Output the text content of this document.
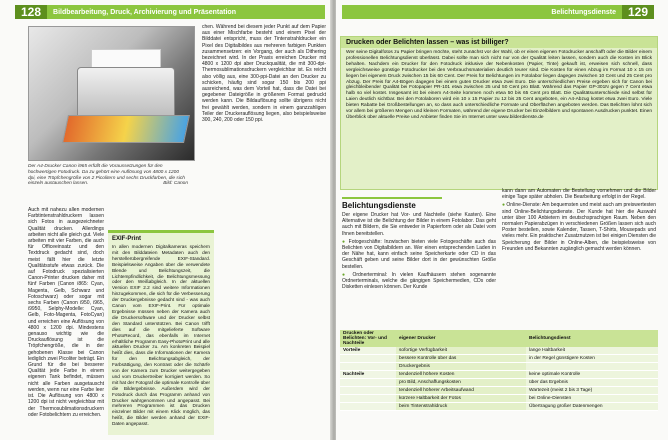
128	Bildbearbeitung, Druck, Archivierung und Präsentation
Der A4-Drucker Canon i965 erfüllt die Voraussetzungen für den hochwertigen Fotodruck. Da zu gehört eine Auflösung von 4800 x 1200 dpi, eine Tröpfchengröße von 2 Picolitern und sechs Druckfarben, die sich einzeln austauschen lassen.	Bild: Canon

chen. Während bei diesem jeder Punkt auf dem Papier aus einer Mischfarbe besteht und einem Pixel der Bilddatei entspricht, muss der Tintenstrahldrucker ein Pixel des Digitalbildes aus mehreren farbigen Punkten zusammensetzen: ein Vorgang, der auch als Dithering bezeichnet wird. In der Praxis erreichen Drucker mit 4800 x 1200 dpi aber Druckqualität, die mit 300-dpi-Thermosublimationsdruckern vergleichbar ist. Es reicht also völlig aus, eine 300-ppi-Datei an den Drucker zu schicken, häufig sind sogar 150 bis 200 ppi ausreichend, was dem Vorteil hat, dass die Datei bei gegebener Dateigröße in größerem Format gedruckt werden kann. Die Bildauflösung sollte übrigens nicht frei gewählt werden, sondern in einem ganzzahligen Teiler der Druckerauflösung liegen, also beispielsweise 300, 240, 200 oder 150 ppi.

Auch mit nahezu allen modernen Farbtintenstrahldruckern lassen sich Fotos in ausgezeichneter Qualität drucken. Allerdings arbeiten nicht alle gleich gut. Viele arbeiten mit vier Farben, die auch für Officeeinsatz und den Textdruck gedacht sind, doch meist fällt hier die letzte Qualitätsstufe etwas zurück. Die auf Fotodruck spezialisierten Canon-Printer drucken daher mit fünf Farben (Canon i865: Cyan, Magenta, Gelb, Schwarz und Fotoschwarz) oder sogar mit sechs Farben (Canon i950, i965, i9950, Selphy-Modelle: Cyan, Gelb, Foto-Magenta, FotoCyan) und erreichen eine Auflösung von 4800 x 1200 dpi. Mindestens genauso wichtig wie die Druckauflösung ist die Tröpfchengröße, die in der gehobenen Klasse bei Canon lediglich zwei Picoliter beträgt. Ein Grund für die bei besserer Qualität jede Farbe in einem eigenen Tank befindet, müssen nicht alle Farben ausgetauscht werden, wenn nur eine Farbe leer ist. Die Auflösung von 4800 x 1200 dpi ist nicht vergleichbar mit der Thermosublimationsdruckern oder Fotobelichtern zu erreichen.

EXIF-Print
In allen modernen Digitalkameras speichern mit den Bilddateien Metadaten auch den herstellerübergreifende EXIF-Standard. Beispielsweise Angaben über die verwendete Blende und Belichtungszeit, die Lichtempfindlichkeit, die Belichtungsmessung oder den Weißabgleich. In der aktuellen Version EXIF 2.2 sind weitere Informationen hinzugekommen, die sich für die Verbesserung der Druckergebnisse gedacht sind - was auch Canon vom EXIF-Print. Für optimale Ergebnisse müssen neben der Kamera auch die Druckersoftware und der Drucker selbst den Standard unterstützen. Bei Canon trifft dies auf die mitgelieferte Software PhotoRecord, das ebenfalls im Internet erhältliche Programm Easy-PhotoPrint und alle aktuellen Drucker zu. Am konkreten Beispiel heißt dies, dass die Informationen der Kamera für den Belichtungsabgleich, der Farbsättigung, den Kontrast oder die Schärfe von der Kamera zum Drucker weitergegeben und vom Druckertreiber korrigiert werden. So mit hat der Fotograf die optimale Kontrolle über die Bildergebnisse. Außerdem wird der Fotodruck durch das Programm anhand von Drucker wahrgenommen und angepasst. Bei mehreren Programmen ist das Drucken einzelner Bilder mit einem Klick möglich, das heißt, die Bilder werden anhand der EXIF-Daten angepasst.
Belichtungsdienste	129
Drucken oder Belichten lassen – was ist billiger?
Wer seine Digitalfotos zu Papier bringen möchte, steht zunächst vor der Wahl, ob er einen eigenen Fotodrucker anschafft oder die Bilder einem professionellen Belichtungsdienst überlässt. Dabei sollte man sich nicht nur von der Qualität leiten lassen, sondern auch die Kosten im Blick behalten. Nachdem ein Drucker für den Fotodruck inklusive der Nebenkosten (Papier, Tinte) gekauft ist, erweisen sich schnell, dass vergleichsweise günstige Fotodrucker bei den Verbrauchsmaterialien deutlich teurer sind. Die Kosten für einen Abzug im Format 10 x 15 cm liegen bei eigenem Druck zwischen 15 bis 60 Cent. Der Preis für Belichtungen im Fotolabor liegen dagegen zwischen 10 Cent und 25 Cent pro Abzug. Der Preis für A4-Bögen dagegen bei einem guten Drucker etwa zwei Euro. Die unterschiedlichen Preise ergeben sich für Canon bei gleichbleibender Qualität bei Fotopapier PR-101 etwa zwischen 25 und 50 Cent pro Blatt. Während das Papier GP-301N gegen 7 Cent etwa halb so viel kostet. Insgesamt ist bei einem A4-Seite kommen noch etwa 50 bis 65 Cent pro Blatt. Die Qualitätsunterschiede sind selbst für Laien deutlich sichtbar. Bei den Fotolaboren wird ein 10 x 15 Papier zu 12 bis 25 Cent angeboten, ein A4-Abzug kostet etwa zwei Euro. Viele bieten Rabatte bei Großbestellungen an, so dass auch unterschiedliche Formate und Oberflächen angeboten werden. Das Belichten lohnt sich vor allem bei größeren Mengen und kleinen Formaten, während der eigene Drucker bei Einzelbildern und spontanen Ausdrucken punktet. Einen Überblick über aktuelle Preise und Anbieter finden Sie im Internet unter www.bilderdienste.de
Belichtungsdienste

Der eigene Drucker hat Vor- und Nachteile (siehe Kasten). Eine Alternative ist die Belichtung der Bilder in einem Fotolabor. Das geht auch mit Bildern, die Sie entweder in Papierform oder als Datei vom Ihnen bereitstellen.

● Fotogeschäfte: Inzwischen bieten viele Fotogeschäfte auch das Belichten von Digitalbildern an. Wer einen entsprechenden Laden in der Nähe hat, kann einfach seine Speicherkarte oder CD in das Geschäft geben und seine Bilder dort in der gewünschten Größe bestellen.

● Ordnerterminal: In vielen Kaufhäusern stehen sogenannte Ordnerterminals, welche die gängigen Speichermedien, CDs oder Disketten einlesen können. Der Kunde

kann dann am Automaten die Bestellung vornehmen und die Bilder einige Tage später abholen. Die Bearbeitung erfolgt in der Regel.

● Online-Dienste: Am bequemsten und meist auch am preiswertesten sind Online-Belichtungsdienste. Der Kunde hat hier die Auswahl unter über 100 Anbietern im deutschsprachigen Raum. Neben den normalen Papierabzügen in verschiedenen Größen lassen sich auch Poster bestellen, sowie Kalender, Tassen, T-Shirts, Mousepads und vieles mehr. Ein praktischer Zusatznutzen ist bei einigen Diensten die Speicherung der Bilder in Online-Alben, die beispielsweise von Freunden und Bekannten zugänglich gemacht werden können.

Drucken oder Belichten: Vor- und Nachteile	eigener Drucker	Belichtungsdienst
Vorteile	sofortige Verfügbarkeit	lange Haltbarkeit
	bessere Kontrolle über das	in der Regel günstigere Kosten
	Druckergebnis	
Nachteile	tendenziell höhere Kosten	keine optimale Kontrolle
	pro Bild, Anschaffungskosten	über das Ergebnis
	tendenziell höherer Arbeitsaufwand	Wartezeit (meist 2 bis 3 Tage)
	kürzere Haltbarkeit der Fotos	bei Online-Diensten
	beim Tintenstrahldruck	Übertragung großer Datenmengen
